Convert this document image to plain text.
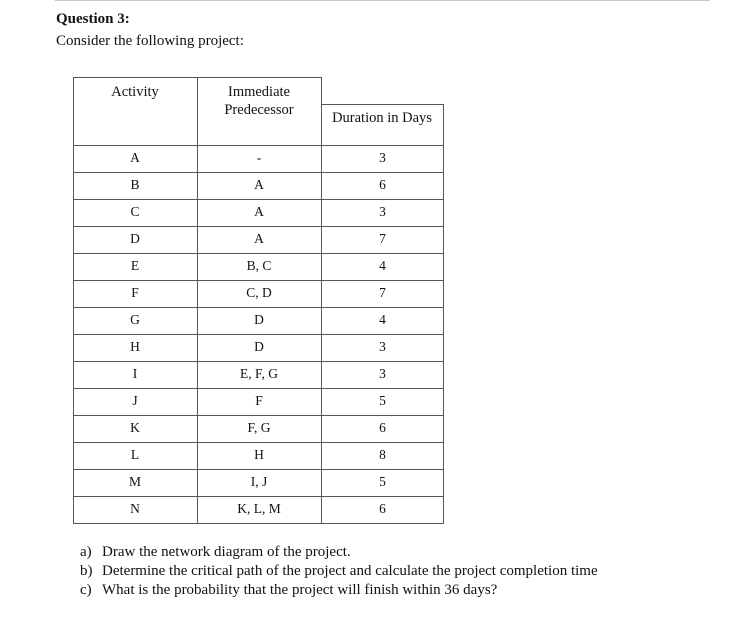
Question 3:
Consider the following project:
Activity	Immediate Predecessor	Duration in Days
A	-	3
B	A	6
C	A	3
D	A	7
E	B, C	4
F	C, D	7
G	D	4
H	D	3
I	E, F, G	3
J	F	5
K	F, G	6
L	H	8
M	I, J	5
N	K, L, M	6
a) Draw the network diagram of the project.
b) Determine the critical path of the project and calculate the project completion time
c) What is the probability that the project will finish within 36 days?
